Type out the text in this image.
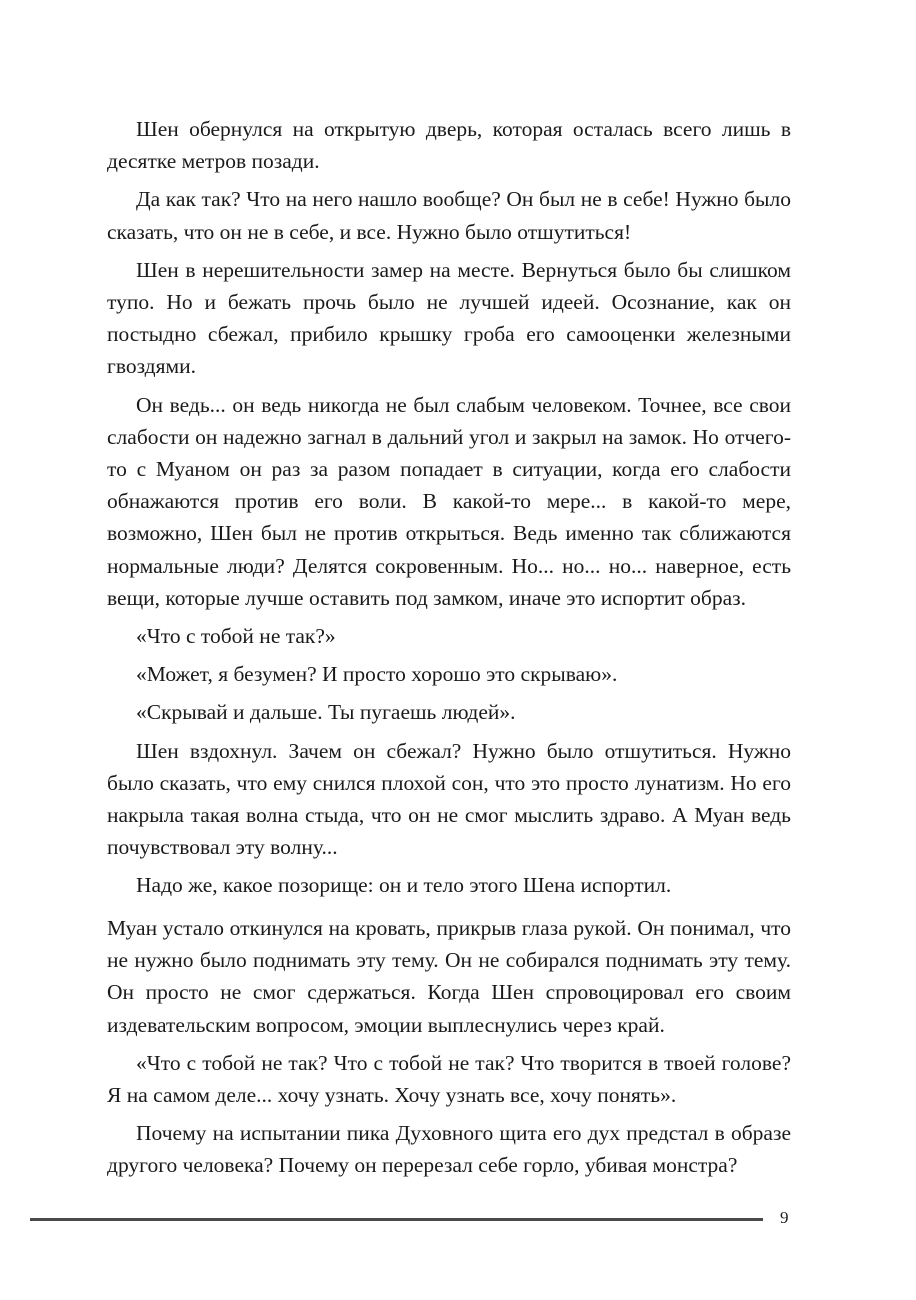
Шен обернулся на открытую дверь, которая осталась всего лишь в десятке метров позади.

Да как так? Что на него нашло вообще? Он был не в себе! Нужно было сказать, что он не в себе, и все. Нужно было отшутиться!

Шен в нерешительности замер на месте. Вернуться было бы слишком тупо. Но и бежать прочь было не лучшей идеей. Осознание, как он постыдно сбежал, прибило крышку гроба его самооценки железными гвоздями.

Он ведь... он ведь никогда не был слабым человеком. Точнее, все свои слабости он надежно загнал в дальний угол и закрыл на замок. Но отчего-то с Муаном он раз за разом попадает в ситуации, когда его слабости обнажаются против его воли. В какой-то мере... в какой-то мере, возможно, Шен был не против открыться. Ведь именно так сближаются нормальные люди? Делятся сокровенным. Но... но... но... наверное, есть вещи, которые лучше оставить под замком, иначе это испортит образ.

«Что с тобой не так?»

«Может, я безумен? И просто хорошо это скрываю».

«Скрывай и дальше. Ты пугаешь людей».

Шен вздохнул. Зачем он сбежал? Нужно было отшутиться. Нужно было сказать, что ему снился плохой сон, что это просто лунатизм. Но его накрыла такая волна стыда, что он не смог мыслить здраво. А Муан ведь почувствовал эту волну...

Надо же, какое позорище: он и тело этого Шена испортил.

Муан устало откинулся на кровать, прикрыв глаза рукой. Он понимал, что не нужно было поднимать эту тему. Он не собирался поднимать эту тему. Он просто не смог сдержаться. Когда Шен спровоцировал его своим издевательским вопросом, эмоции выплеснулись через край.

«Что с тобой не так? Что с тобой не так? Что творится в твоей голове? Я на самом деле... хочу узнать. Хочу узнать все, хочу понять».

Почему на испытании пика Духовного щита его дух предстал в образе другого человека? Почему он перерезал себе горло, убивая монстра?

9
